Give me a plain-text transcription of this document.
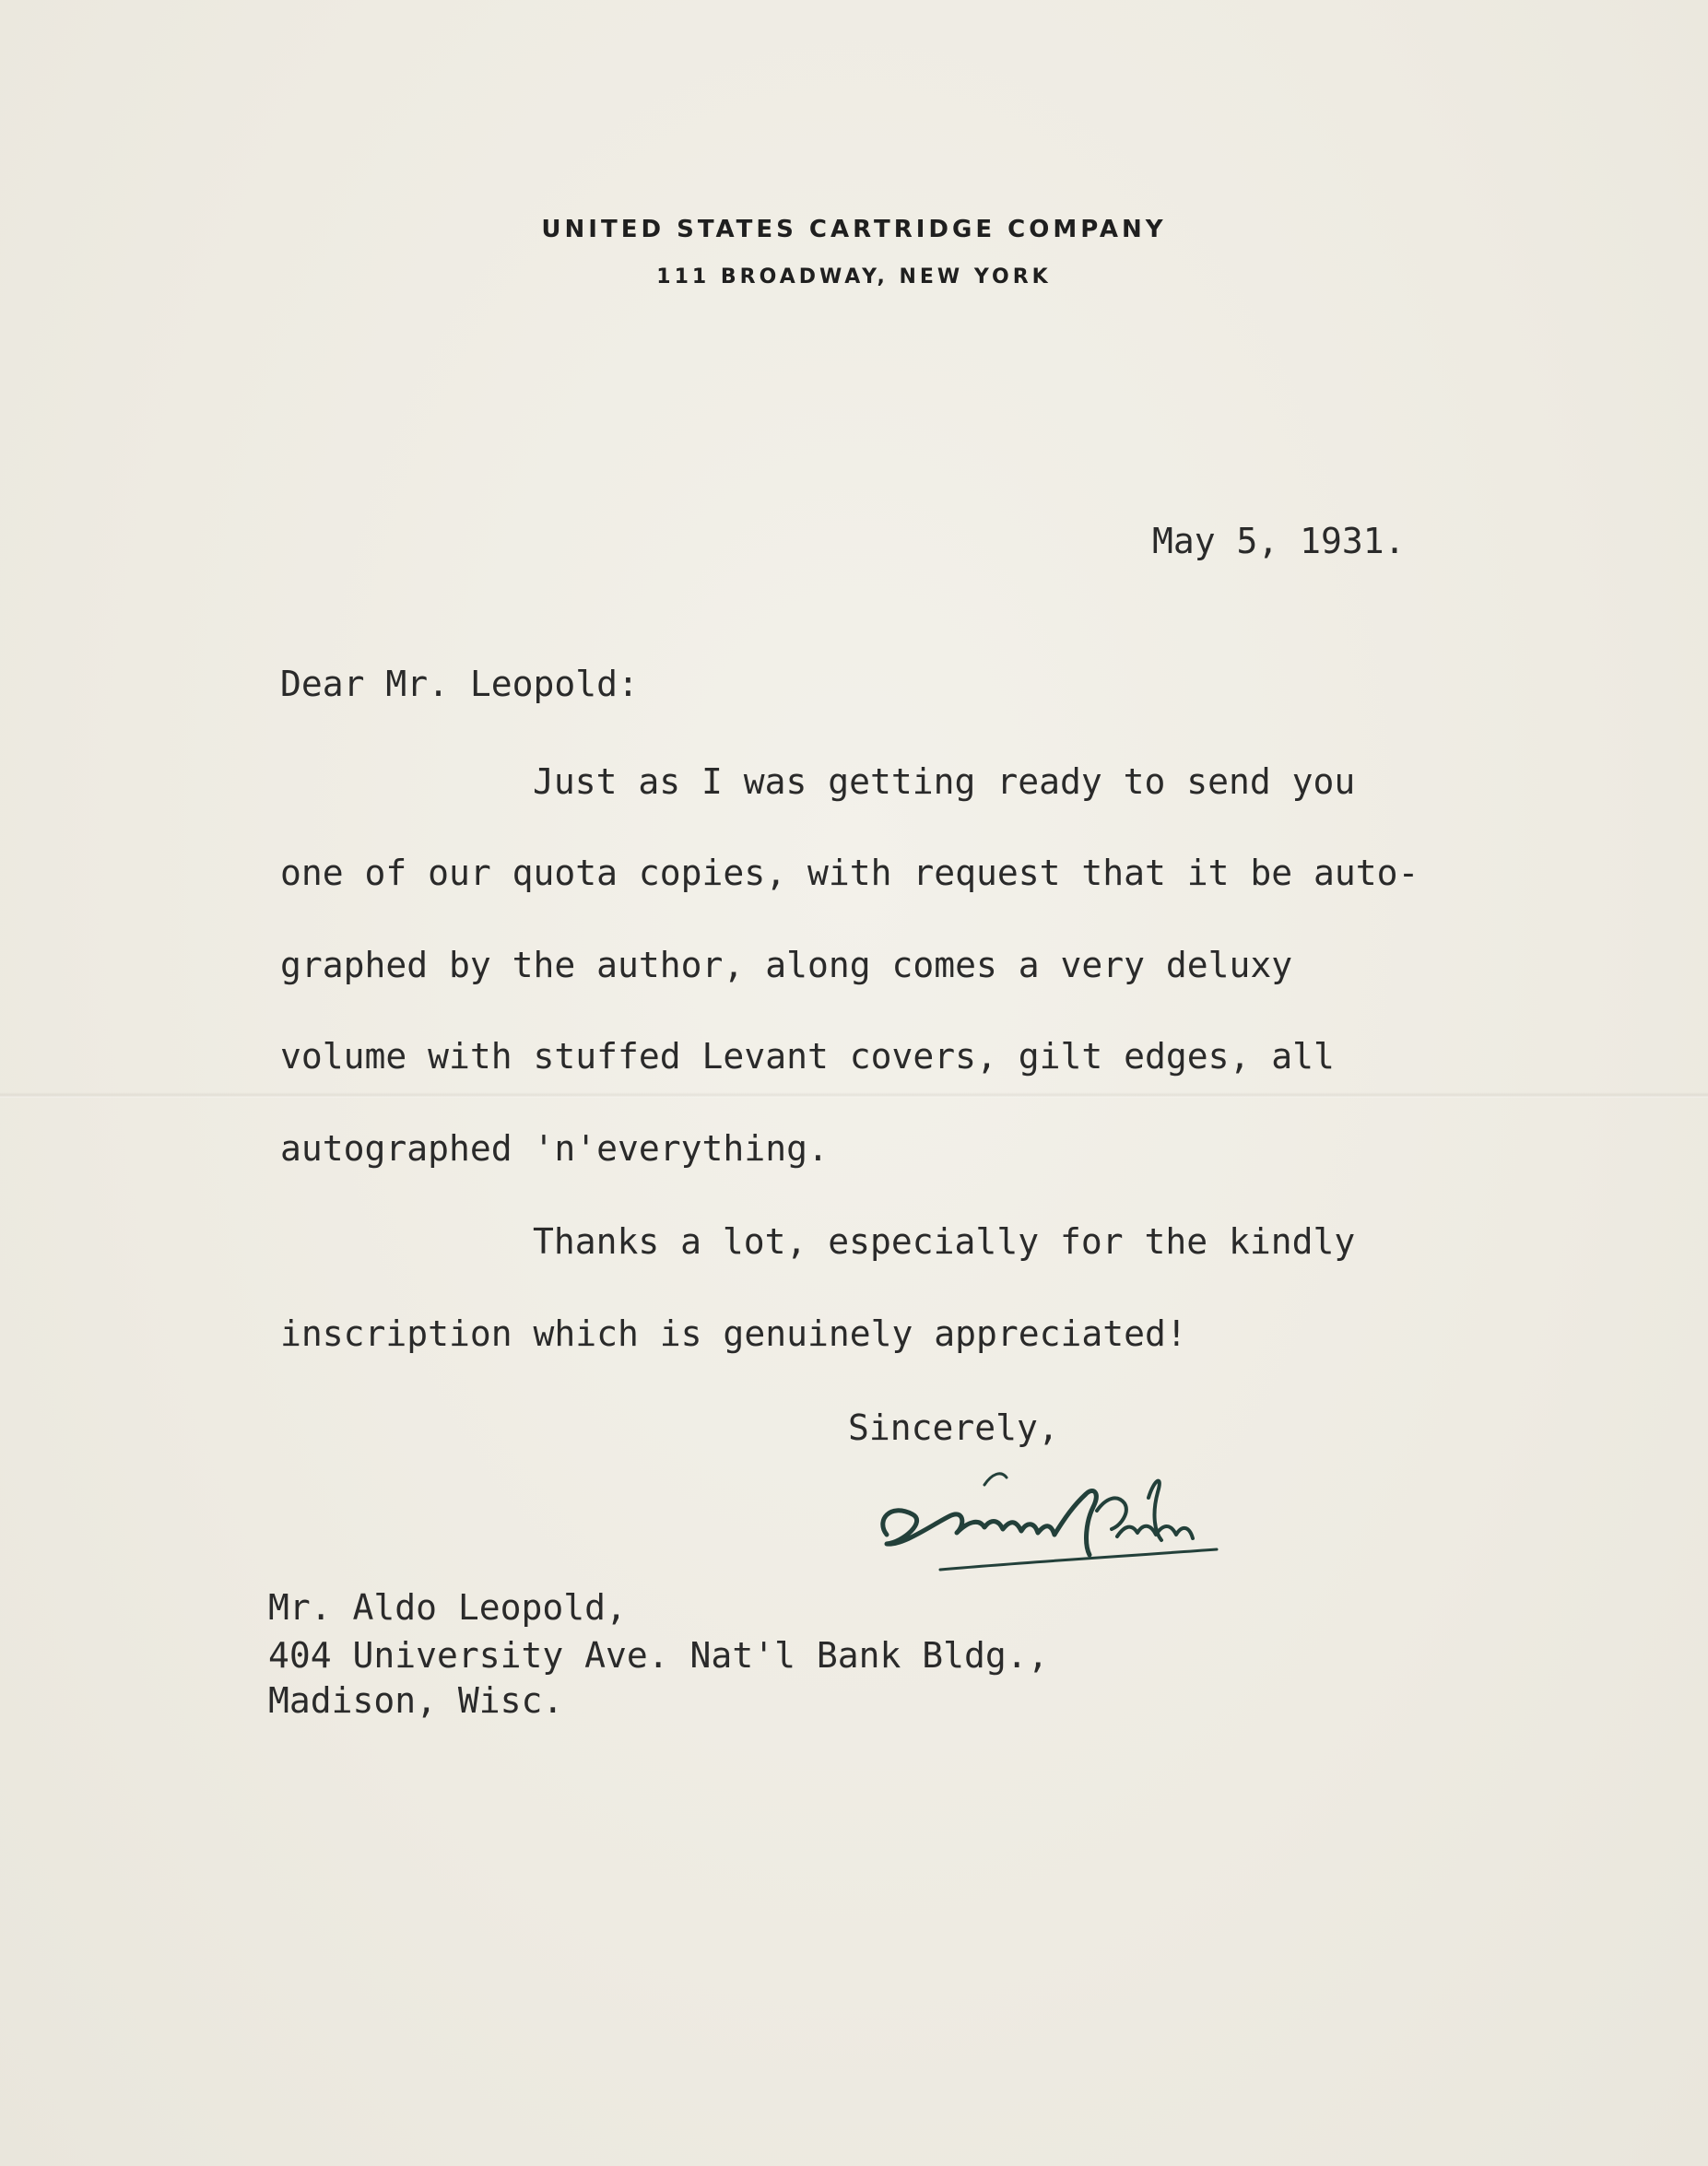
UNITED STATES CARTRIDGE COMPANY
111 BROADWAY, NEW YORK
May 5, 1931.
Dear Mr. Leopold:
Just as I was getting ready to send you
one of our quota copies, with request that it be auto-
graphed by the author, along comes a very deluxy
volume with stuffed Levant covers, gilt edges, all
autographed 'n'everything.
Thanks a lot, especially for the kindly
inscription which is genuinely appreciated!
Sincerely,
Mr. Aldo Leopold,
404 University Ave. Nat'l Bank Bldg.,
Madison, Wisc.
